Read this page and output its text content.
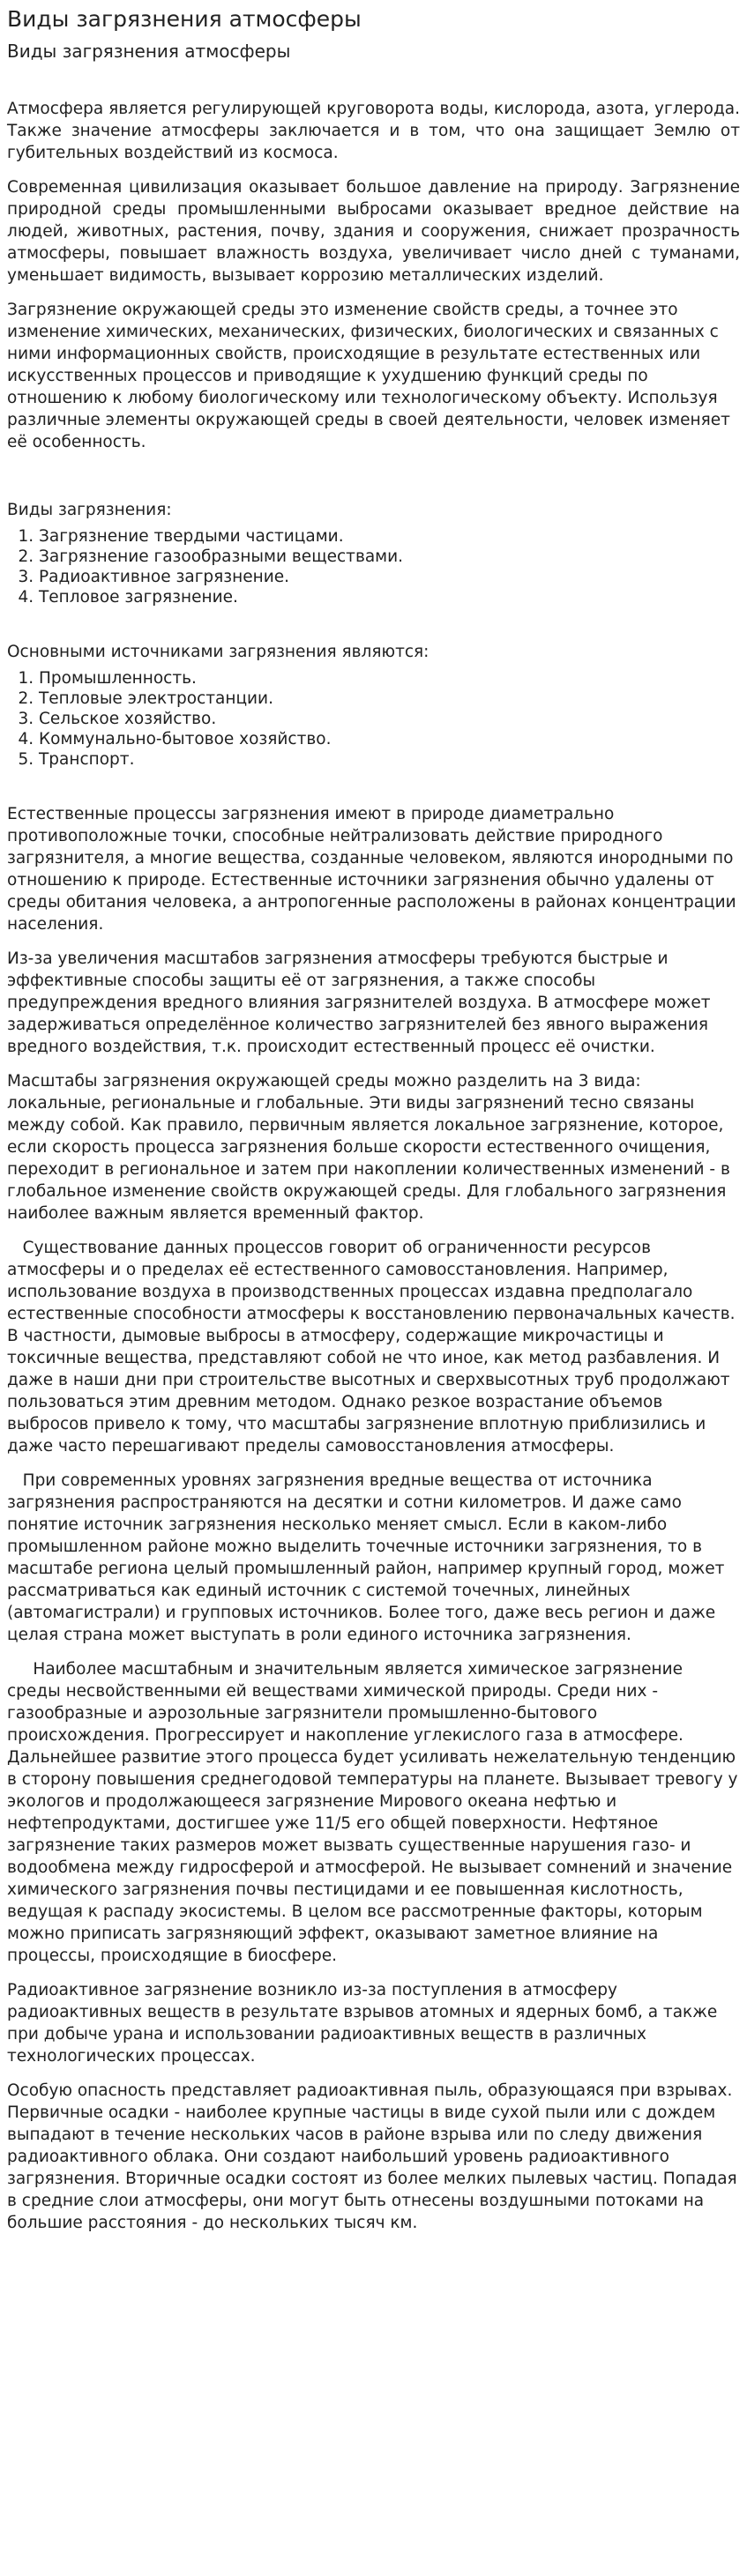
Виды загрязнения атмосферы
Виды загрязнения атмосферы

Атмосфера является регулирующей круговорота воды, кислорода, азота, углерода. Также значение атмосферы заключается и в том, что она защищает Землю от губительных воздействий из космоса.

Современная цивилизация оказывает большое давление на природу. Загрязнение природной среды промышленными выбросами оказывает вредное действие на людей, животных, растения, почву, здания и сооружения, снижает прозрачность атмосферы, повышает влажность воздуха, увеличивает число дней с туманами, уменьшает видимость, вызывает коррозию металлических изделий.

Загрязнение окружающей среды это изменение свойств среды, а точнее это изменение химических, механических, физических, биологических и связанных с ними информационных свойств, происходящие в результате естественных или искусственных процессов и приводящие к ухудшению функций среды по отношению к любому биологическому или технологическому объекту. Используя различные элементы окружающей среды в своей деятельности, человек изменяет её особенность.

Виды загрязнения:
1. Загрязнение твердыми частицами.
2. Загрязнение газообразными веществами.
3. Радиоактивное загрязнение.
4. Тепловое загрязнение.
Основными источниками загрязнения являются:
1. Промышленность.
2. Тепловые электростанции.
3. Сельское хозяйство.
4. Коммунально-бытовое хозяйство.
5. Транспорт.

Естественные процессы загрязнения имеют в природе диаметрально противоположные точки, способные нейтрализовать действие природного загрязнителя, а многие вещества, созданные человеком, являются инородными по отношению к природе. Естественные источники загрязнения обычно удалены от среды обитания человека, а антропогенные расположены в районах концентрации населения.

Из-за увеличения масштабов загрязнения атмосферы требуются быстрые и эффективные способы защиты её от загрязнения, а также способы предупреждения вредного влияния загрязнителей воздуха. В атмосфере может задерживаться определённое количество загрязнителей без явного выражения вредного воздействия, т.к. происходит естественный процесс её очистки.

Масштабы загрязнения окружающей среды можно разделить на 3 вида: локальные, региональные и глобальные. Эти виды загрязнений тесно связаны между собой. Как правило, первичным является локальное загрязнение, которое, если скорость процесса загрязнения больше скорости естественного очищения, переходит в региональное и затем при накоплении количественных изменений - в глобальное изменение свойств окружающей среды. Для глобального загрязнения наиболее важным является временный фактор.

Существование данных процессов говорит об ограниченности ресурсов атмосферы и о пределах её естественного самовосстановления. Например, использование воздуха в производственных процессах издавна предполагало естественные способности атмосферы к восстановлению первоначальных качеств. В частности, дымовые выбросы в атмосферу, содержащие микрочастицы и токсичные вещества, представляют собой не что иное, как метод разбавления. И даже в наши дни при строительстве высотных и сверхвысотных труб продолжают пользоваться этим древним методом. Однако резкое возрастание объемов выбросов привело к тому, что масштабы загрязнение вплотную приблизились и даже часто перешагивают пределы самовосстановления атмосферы.

При современных уровнях загрязнения вредные вещества от источника загрязнения распространяются на десятки и сотни километров. И даже само понятие источник загрязнения несколько меняет смысл. Если в каком-либо промышленном районе можно выделить точечные источники загрязнения, то в масштабе региона целый промышленный район, например крупный город, может рассматриваться как единый источник с системой точечных, линейных (автомагистрали) и групповых источников. Более того, даже весь регион и даже целая страна может выступать в роли единого источника загрязнения.

Наиболее масштабным и значительным является химическое загрязнение среды несвойственными ей веществами химической природы. Среди них - газообразные и аэрозольные загрязнители промышленно-бытового происхождения. Прогрессирует и накопление углекислого газа в атмосфере. Дальнейшее развитие этого процесса будет усиливать нежелательную тенденцию в сторону повышения среднегодовой температуры на планете. Вызывает тревогу у экологов и продолжающееся загрязнение Мирового океана нефтью и нефтепродуктами, достигшее уже 11/5 его общей поверхности. Нефтяное загрязнение таких размеров может вызвать существенные нарушения газо- и водообмена между гидросферой и атмосферой. Не вызывает сомнений и значение химического загрязнения почвы пестицидами и ее повышенная кислотность, ведущая к распаду экосистемы. В целом все рассмотренные факторы, которым можно приписать загрязняющий эффект, оказывают заметное влияние на процессы, происходящие в биосфере.

Радиоактивное загрязнение возникло из-за поступления в атмосферу радиоактивных веществ в результате взрывов атомных и ядерных бомб, а также при добыче урана и использовании радиоактивных веществ в различных технологических процессах.

Особую опасность представляет радиоактивная пыль, образующаяся при взрывах. Первичные осадки - наиболее крупные частицы в виде сухой пыли или с дождем выпадают в течение нескольких часов в районе взрыва или по следу движения радиоактивного облака. Они создают наибольший уровень радиоактивного загрязнения. Вторичные осадки состоят из более мелких пылевых частиц. Попадая в средние слои атмосферы, они могут быть отнесены воздушными потоками на большие расстояния - до нескольких тысяч км.
